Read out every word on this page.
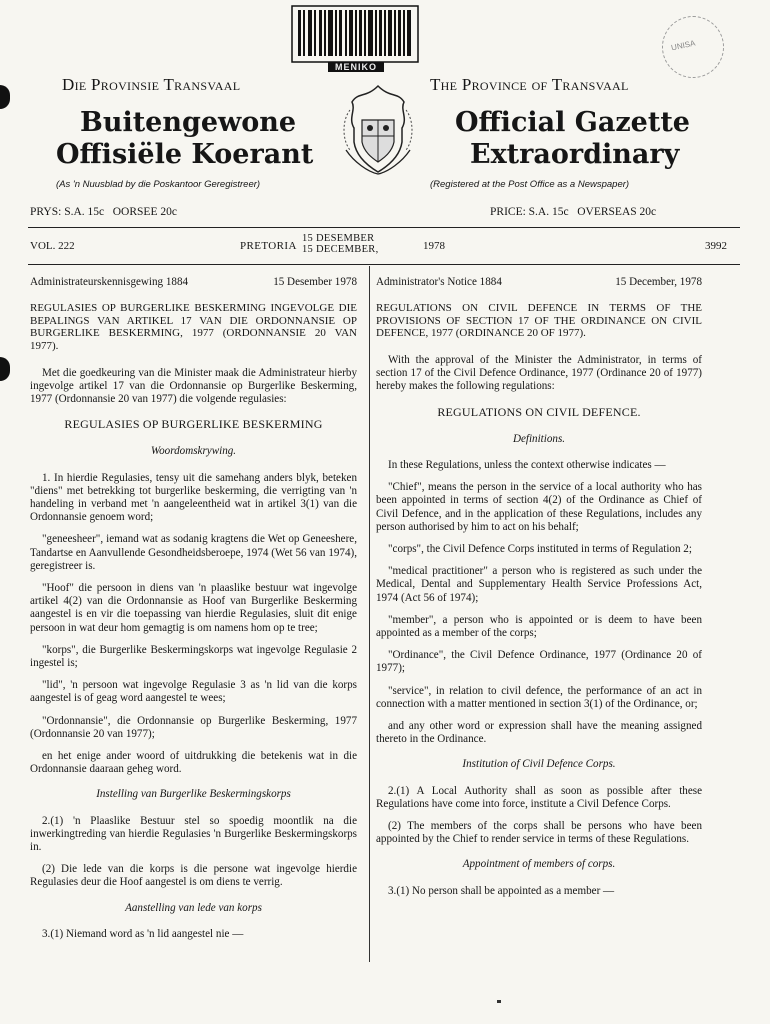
MENIKO
UNISA
Die Provinsie Transvaal	The Province of Transvaal
Buitengewone
Offisiële Koerant
Official Gazette
Extraordinary
(As 'n Nuusblad by die Poskantoor Geregistreer)	(Registered at the Post Office as a Newspaper)
PRYS: S.A. 15c   OORSEE 20c	PRICE: S.A. 15c   OVERSEAS 20c
VOL. 222	PRETORIA
15 DESEMBER
15 DECEMBER,	1978	3992
Administrateurskennisgewing 1884	15 Desember 1978

REGULASIES OP BURGERLIKE BESKERMING INGEVOLGE DIE BEPALINGS VAN ARTIKEL 17 VAN DIE ORDONNANSIE OP BURGERLIKE BESKERMING, 1977 (ORDONNANSIE 20 VAN 1977).

Met die goedkeuring van die Minister maak die Administrateur hierby ingevolge artikel 17 van die Ordonnansie op Burgerlike Beskerming, 1977 (Ordonnansie 20 van 1977) die volgende regulasies:

REGULASIES OP BURGERLIKE BESKERMING

Woordomskrywing.

1. In hierdie Regulasies, tensy uit die samehang anders blyk, beteken "diens" met betrekking tot burgerlike beskerming, die verrigting van 'n handeling in verband met 'n aangeleentheid wat in artikel 3(1) van die Ordonnansie genoem word;

"geneesheer", iemand wat as sodanig kragtens die Wet op Geneeshere, Tandartse en Aanvullende Gesondheidsberoepe, 1974 (Wet 56 van 1974), geregistreer is.

"Hoof" die persoon in diens van 'n plaaslike bestuur wat ingevolge artikel 4(2) van die Ordonnansie as Hoof van Burgerlike Beskerming aangestel is en vir die toepassing van hierdie Regulasies, sluit dit enige persoon in wat deur hom gemagtig is om namens hom op te tree;

"korps", die Burgerlike Beskermingskorps wat ingevolge Regulasie 2 ingestel is;

"lid", 'n persoon wat ingevolge Regulasie 3 as 'n lid van die korps aangestel is of geag word aangestel te wees;

"Ordonnansie", die Ordonnansie op Burgerlike Beskerming, 1977 (Ordonnansie 20 van 1977);

en het enige ander woord of uitdrukking die betekenis wat in die Ordonnansie daaraan geheg word.

Instelling van Burgerlike Beskermingskorps

2.(1) 'n Plaaslike Bestuur stel so spoedig moontlik na die inwerkingtreding van hierdie Regulasies 'n Burgerlike Beskermingskorps in.

(2) Die lede van die korps is die persone wat ingevolge hierdie Regulasies deur die Hoof aangestel is om diens te verrig.

Aanstelling van lede van korps

3.(1) Niemand word as 'n lid aangestel nie —

Administrator's Notice 1884	15 December, 1978

REGULATIONS ON CIVIL DEFENCE IN TERMS OF THE PROVISIONS OF SECTION 17 OF THE ORDINANCE ON CIVIL DEFENCE, 1977 (ORDINANCE 20 OF 1977).

With the approval of the Minister the Administrator, in terms of section 17 of the Civil Defence Ordinance, 1977 (Ordinance 20 of 1977) hereby makes the following regulations:

REGULATIONS ON CIVIL DEFENCE.

Definitions.

In these Regulations, unless the context otherwise indicates —

"Chief", means the person in the service of a local authority who has been appointed in terms of section 4(2) of the Ordinance as Chief of Civil Defence, and in the application of these Regulations, includes any person authorised by him to act on his behalf;

"corps", the Civil Defence Corps instituted in terms of Regulation 2;

"medical practitioner" a person who is registered as such under the Medical, Dental and Supplementary Health Service Professions Act, 1974 (Act 56 of 1974);

"member", a person who is appointed or is deem to have been appointed as a member of the corps;

"Ordinance", the Civil Defence Ordinance, 1977 (Ordinance 20 of 1977);

"service", in relation to civil defence, the performance of an act in connection with a matter mentioned in section 3(1) of the Ordinance, or;

and any other word or expression shall have the meaning assigned thereto in the Ordinance.

Institution of Civil Defence Corps.

2.(1) A Local Authority shall as soon as possible after these Regulations have come into force, institute a Civil Defence Corps.

(2) The members of the corps shall be persons who have been appointed by the Chief to render service in terms of these Regulations.

Appointment of members of corps.

3.(1) No person shall be appointed as a member —
